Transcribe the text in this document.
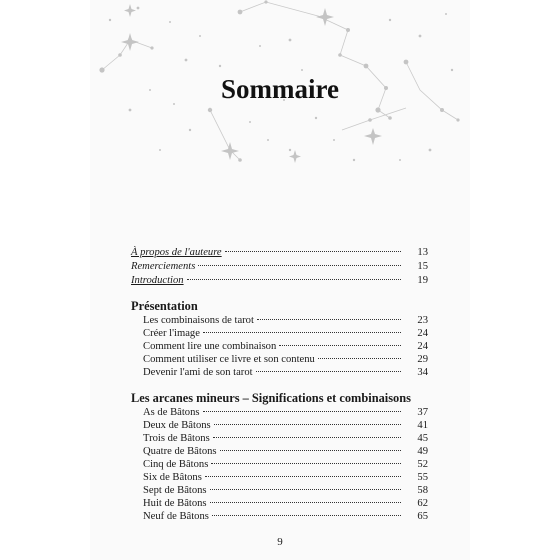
Sommaire
À propos de l'auteure	13
Remerciements	15
Introduction	19
Présentation
Les combinaisons de tarot	23
Créer l'image	24
Comment lire une combinaison	24
Comment utiliser ce livre et son contenu	29
Devenir l'ami de son tarot	34
Les arcanes mineurs – Significations et combinaisons
As de Bâtons	37
Deux de Bâtons	41
Trois de Bâtons	45
Quatre de Bâtons	49
Cinq de Bâtons	52
Six de Bâtons	55
Sept de Bâtons	58
Huit de Bâtons	62
Neuf de Bâtons	65
9
